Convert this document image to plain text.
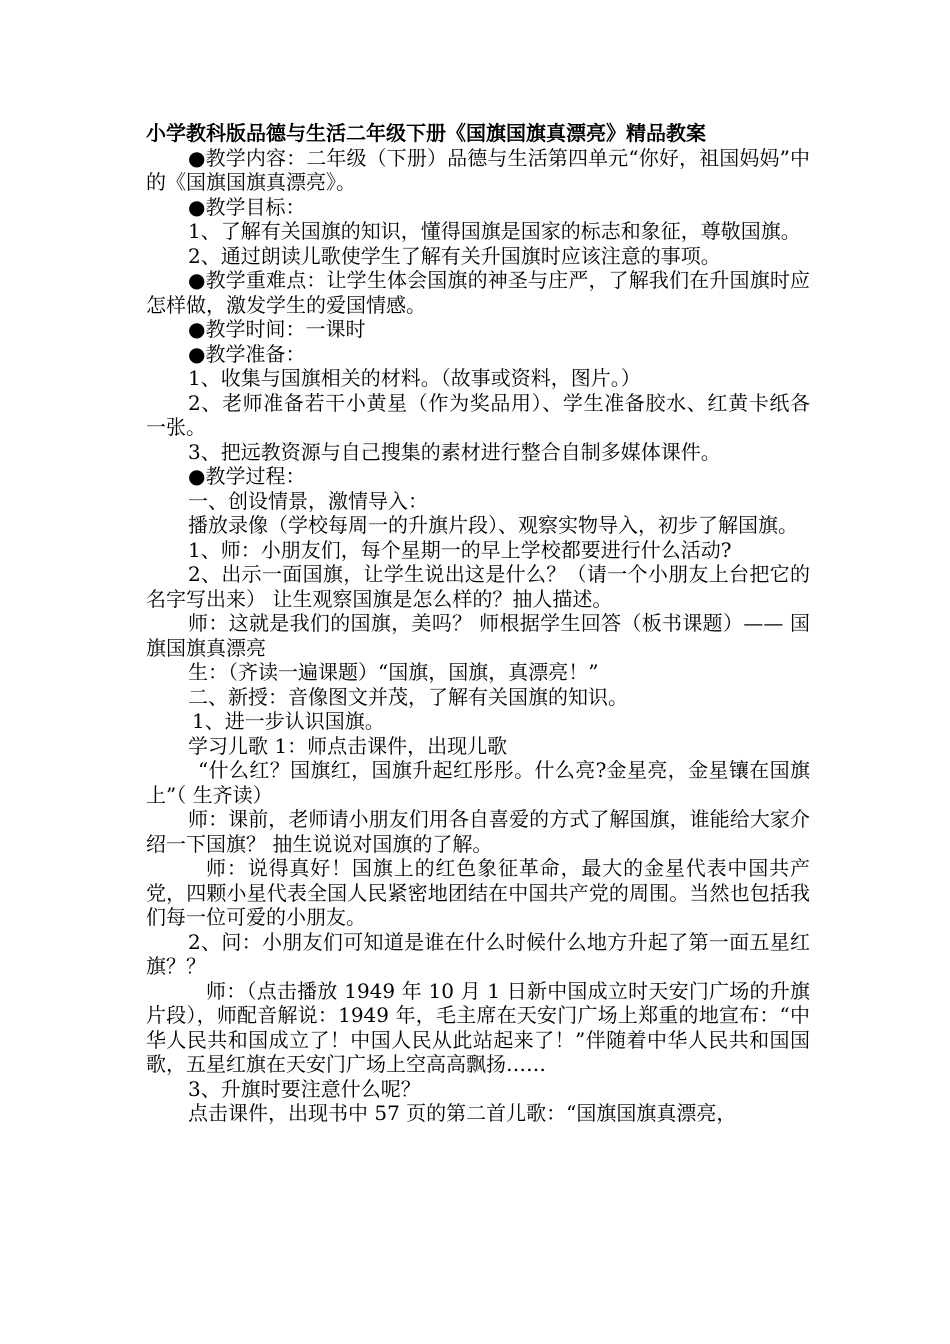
小学教科版品德与生活二年级下册《国旗国旗真漂亮》精品教案

●教学内容：二年级（下册）品德与生活第四单元“你好，祖国妈妈”中的《国旗国旗真漂亮》。

●教学目标：

1、了解有关国旗的知识，懂得国旗是国家的标志和象征，尊敬国旗。

2、通过朗读儿歌使学生了解有关升国旗时应该注意的事项。

●教学重难点：让学生体会国旗的神圣与庄严，了解我们在升国旗时应怎样做，激发学生的爱国情感。

●教学时间：一课时

●教学准备：

1、收集与国旗相关的材料。（故事或资料，图片。）

2、老师准备若干小黄星（作为奖品用）、学生准备胶水、红黄卡纸各一张。

3、把远教资源与自己搜集的素材进行整合自制多媒体课件。

●教学过程：

一、创设情景，激情导入：

播放录像（学校每周一的升旗片段）、观察实物导入，初步了解国旗。

1、师：小朋友们，每个星期一的早上学校都要进行什么活动?

2、出示一面国旗，让学生说出这是什么？（请一个小朋友上台把它的名字写出来） 让生观察国旗是怎么样的？抽人描述。

师：这就是我们的国旗，美吗？ 师根据学生回答（板书课题）—— 国旗国旗真漂亮

生：（齐读一遍课题）“国旗，国旗，真漂亮！”

二、新授：音像图文并茂，了解有关国旗的知识。

1、进一步认识国旗。

学习儿歌 1：师点击课件，出现儿歌

“什么红？国旗红，国旗升起红彤彤。什么亮?金星亮，金星镶在国旗上”（ 生齐读）

师：课前，老师请小朋友们用各自喜爱的方式了解国旗，谁能给大家介绍一下国旗？ 抽生说说对国旗的了解。

师：说得真好！国旗上的红色象征革命，最大的金星代表中国共产党，四颗小星代表全国人民紧密地团结在中国共产党的周围。当然也包括我们每一位可爱的小朋友。

2、问：小朋友们可知道是谁在什么时候什么地方升起了第一面五星红旗？？

师：（点击播放 1949 年 10 月 1 日新中国成立时天安门广场的升旗片段），师配音解说：1949 年，毛主席在天安门广场上郑重的地宣布：“中华人民共和国成立了！中国人民从此站起来了！”伴随着中华人民共和国国歌，五星红旗在天安门广场上空高高飘扬……

3、升旗时要注意什么呢？

点击课件，出现书中 57 页的第二首儿歌：“国旗国旗真漂亮，
